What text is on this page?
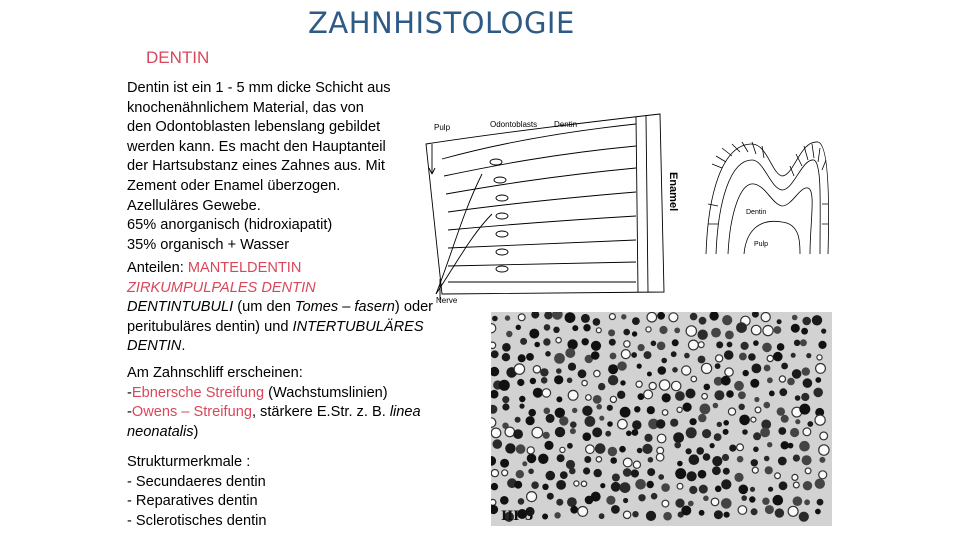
ZAHNHISTOLOGIE
DENTIN

Dentin ist ein 1 - 5 mm dicke Schicht aus
knochenähnlichem Material, das von
den Odontoblasten lebenslang gebildet
werden kann. Es macht den Hauptanteil
der Hartsubstanz eines Zahnes aus. Mit
Zement oder Enamel überzogen.
Azelluläres Gewebe.
65% anorganisch (hidroxiapatit)
35% organisch + Wasser

Pulp	Odontoblasts Dentin
Enamel
Nerve
Dentin
Pulp

Anteilen: MANTELDENTIN
ZIRKUMPULPALES DENTIN
DENTINTUBULI (um den Tomes – fasern) oder peritubuläres dentin) und INTERTUBULÄRES DENTIN.

Am Zahnschliff erscheinen:
-Ebnersche Streifung (Wachstumslinien)
-Owens – Streifung, stärkere E.Str. z. B. linea neonatalis)

Strukturmerkmale :
- Secundaeres dentin
- Reparatives dentin
- Sclerotisches dentin	III-5
